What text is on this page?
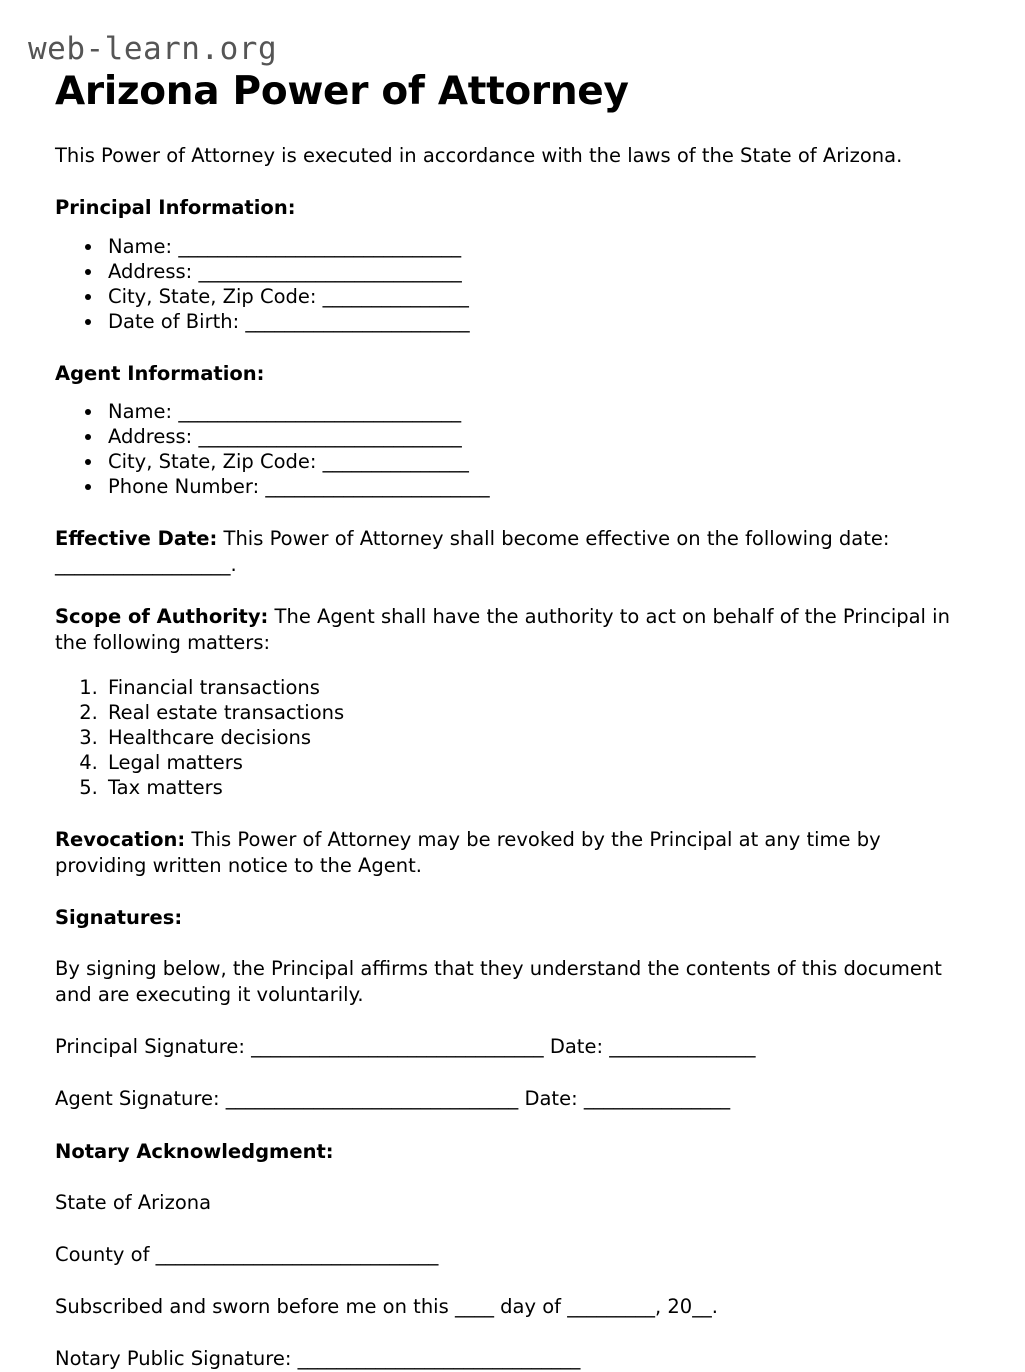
web-learn.org
Arizona Power of Attorney

This Power of Attorney is executed in accordance with the laws of the State of Arizona.

Principal Information:
• Name: _____________________________
• Address: ___________________________
• City, State, Zip Code: _______________
• Date of Birth: _______________________
Agent Information:
• Name: _____________________________
• Address: ___________________________
• City, State, Zip Code: _______________
• Phone Number: _______________________

Effective Date: This Power of Attorney shall become effective on the following date: __________________.

Scope of Authority: The Agent shall have the authority to act on behalf of the Principal in the following matters:

1. Financial transactions
2. Real estate transactions
3. Healthcare decisions
4. Legal matters
5. Tax matters

Revocation: This Power of Attorney may be revoked by the Principal at any time by providing written notice to the Agent.

Signatures:

By signing below, the Principal affirms that they understand the contents of this document and are executing it voluntarily.

Principal Signature: ______________________________ Date: _______________
Agent Signature: ______________________________ Date: _______________
Notary Acknowledgment:
State of Arizona
County of _____________________________
Subscribed and sworn before me on this ____ day of _________, 20__.
Notary Public Signature: _____________________________
